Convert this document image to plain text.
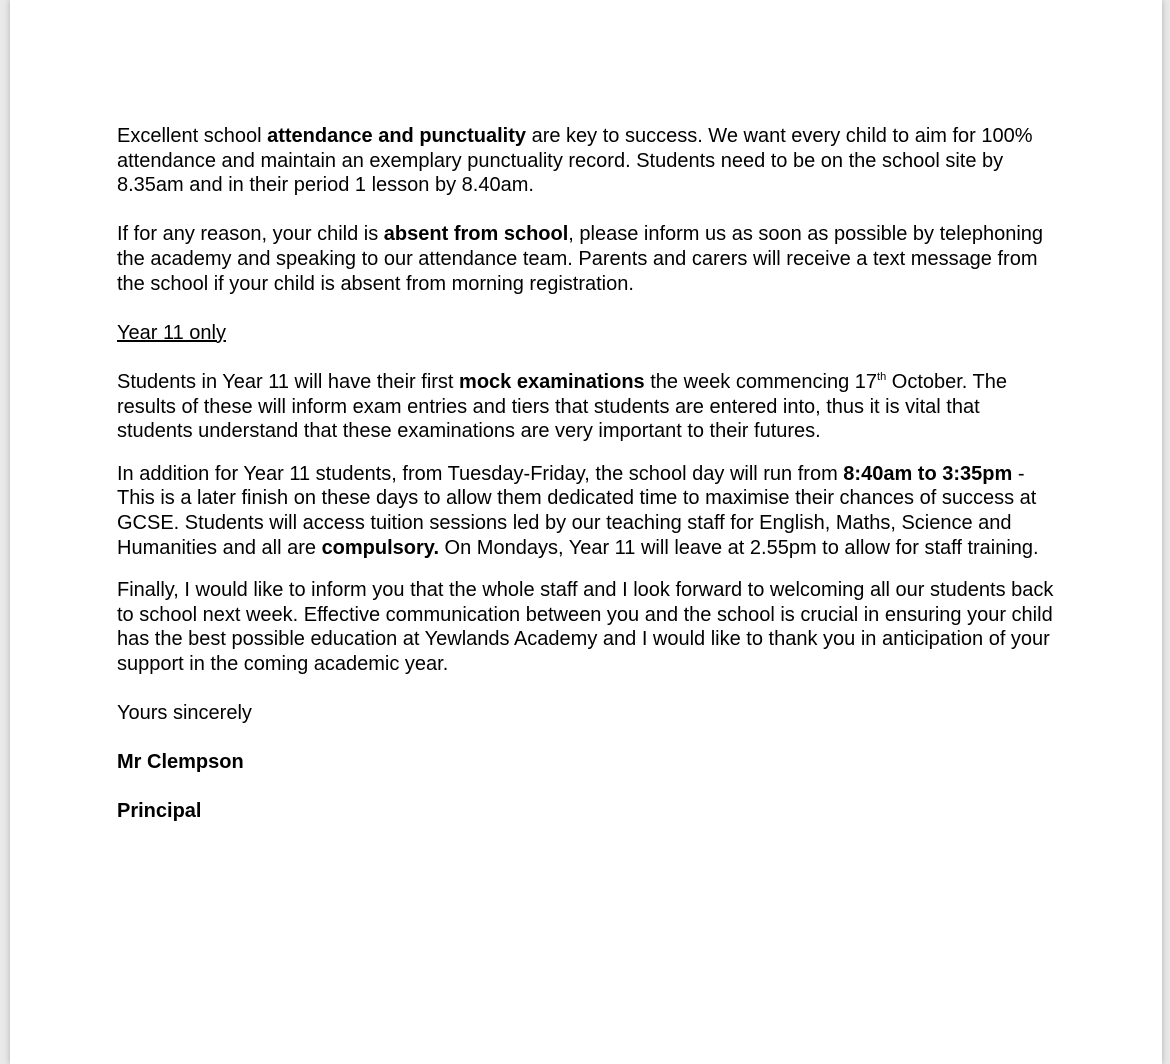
Excellent school attendance and punctuality are key to success. We want every child to aim for 100% attendance and maintain an exemplary punctuality record. Students need to be on the school site by 8.35am and in their period 1 lesson by 8.40am.

If for any reason, your child is absent from school, please inform us as soon as possible by telephoning the academy and speaking to our attendance team. Parents and carers will receive a text message from the school if your child is absent from morning registration.

Year 11 only

Students in Year 11 will have their first mock examinations the week commencing 17th October. The results of these will inform exam entries and tiers that students are entered into, thus it is vital that students understand that these examinations are very important to their futures.

In addition for Year 11 students, from Tuesday-Friday, the school day will run from 8:40am to 3:35pm - This is a later finish on these days to allow them dedicated time to maximise their chances of success at GCSE. Students will access tuition sessions led by our teaching staff for English, Maths, Science and Humanities and all are compulsory. On Mondays, Year 11 will leave at 2.55pm to allow for staff training.

Finally, I would like to inform you that the whole staff and I look forward to welcoming all our students back to school next week. Effective communication between you and the school is crucial in ensuring your child has the best possible education at Yewlands Academy and I would like to thank you in anticipation of your support in the coming academic year.

Yours sincerely

Mr Clempson

Principal
